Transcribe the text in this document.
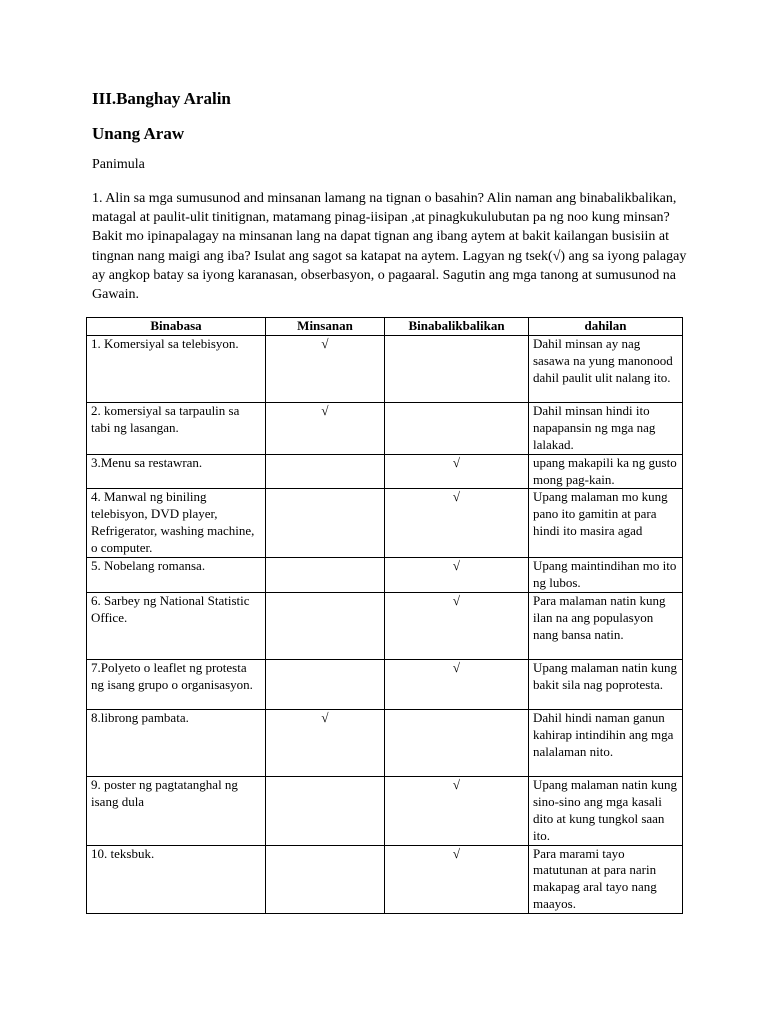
III.Banghay Aralin
Unang Araw

Panimula

1. Alin sa mga sumusunod and minsanan lamang na tignan o basahin? Alin naman ang binabalikbalikan, matagal at paulit-ulit tinitignan, matamang pinag-iisipan ,at pinagkukulubutan pa ng noo kung minsan? Bakit mo ipinapalagay na minsanan lang na dapat tignan ang ibang aytem at bakit kailangan busisiin at tingnan nang maigi ang iba? Isulat ang sagot sa katapat na aytem. Lagyan ng tsek(√) ang sa iyong palagay ay angkop batay sa iyong karanasan, obserbasyon, o pagaaral. Sagutin ang mga tanong at sumusunod na Gawain.

Binabasa	Minsanan	Binabalikbalikan	dahilan
1. Komersiyal sa telebisyon.	√		Dahil minsan ay nag sasawa na yung manonood dahil paulit ulit nalang ito.
2. komersiyal sa tarpaulin sa tabi ng lasangan.	√		Dahil minsan hindi ito napapansin ng mga nag lalakad.
3.Menu sa restawran.		√	upang makapili ka ng gusto mong pag-kain.
4. Manwal ng biniling telebisyon, DVD player, Refrigerator, washing machine, o computer.		√	Upang malaman mo kung pano ito gamitin at para hindi ito masira agad
5. Nobelang romansa.		√	Upang maintindihan mo ito ng lubos.
6. Sarbey ng National Statistic Office.		√	Para malaman natin kung ilan na ang populasyon nang bansa natin.
7.Polyeto o leaflet ng protesta ng isang grupo o organisasyon.		√	Upang malaman natin kung bakit sila nag poprotesta.
8.librong pambata.	√		Dahil hindi naman ganun kahirap intindihin ang mga nalalaman nito.
9. poster ng pagtatanghal ng isang dula		√	Upang malaman natin kung sino-sino ang mga kasali dito at kung tungkol saan ito.
10. teksbuk.		√	Para marami tayo matutunan at para narin makapag aral tayo nang maayos.
